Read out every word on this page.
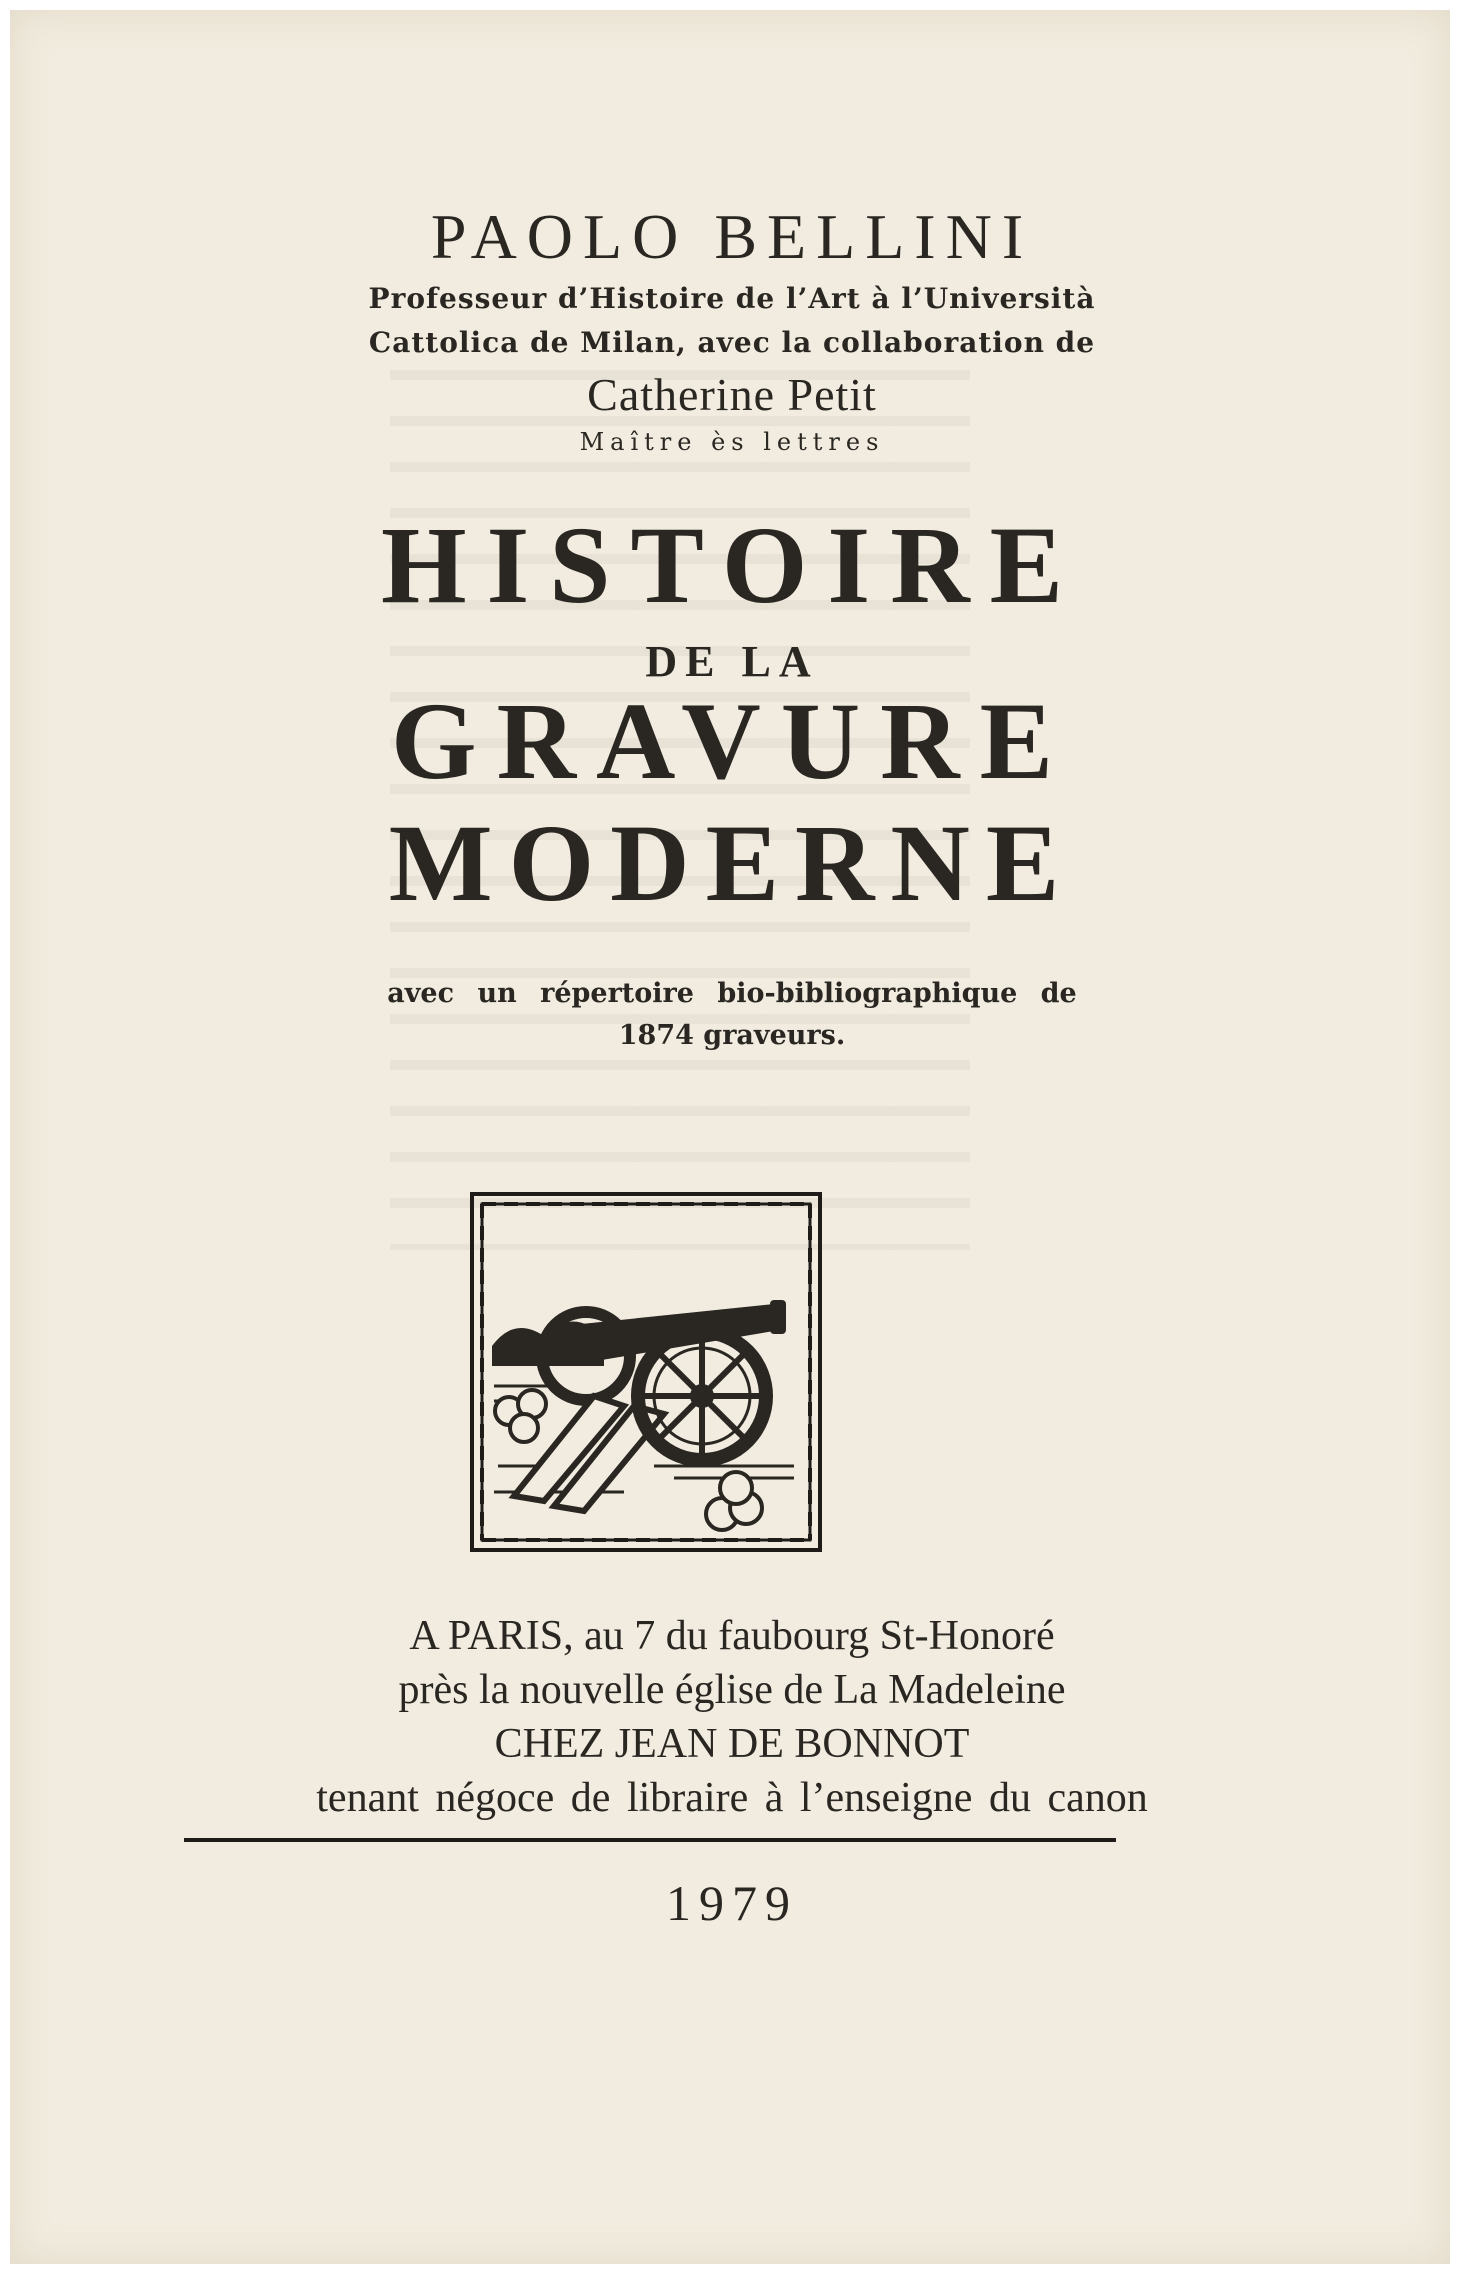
PAOLO BELLINI
Professeur d’Histoire de l’Art à l’Università
Cattolica de Milan, avec la collaboration de
Catherine Petit
Maître ès lettres
HISTOIRE
DE LA
GRAVURE
MODERNE
avec un répertoire bio-bibliographique de
1874 graveurs.
A PARIS, au 7 du faubourg St-Honoré
près la nouvelle église de La Madeleine
CHEZ JEAN DE BONNOT
tenant négoce de libraire à l’enseigne du canon
1979
